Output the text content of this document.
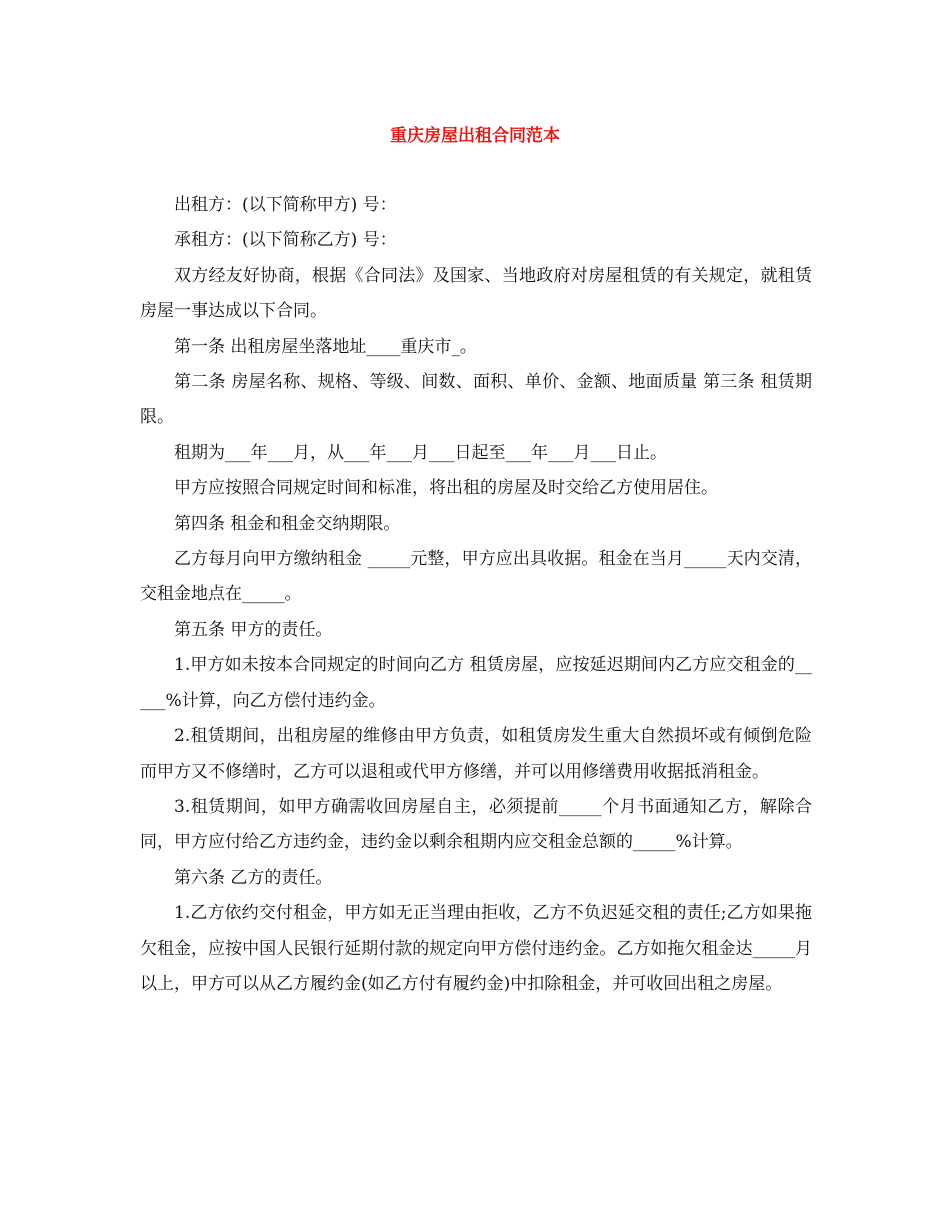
重庆房屋出租合同范本

出租方：(以下简称甲方) 号：

承租方：(以下简称乙方) 号：

双方经友好协商，根据《合同法》及国家、当地政府对房屋租赁的有关规定，就租赁房屋一事达成以下合同。

第一条 出租房屋坐落地址____重庆市_。

第二条 房屋名称、规格、等级、间数、面积、单价、金额、地面质量 第三条 租赁期限。

租期为___年___月，从___年___月___日起至___年___月___日止。

甲方应按照合同规定时间和标准，将出租的房屋及时交给乙方使用居住。

第四条 租金和租金交纳期限。

乙方每月向甲方缴纳租金 _____元整，甲方应出具收据。租金在当月_____天内交清，交租金地点在_____。

第五条 甲方的责任。

1.甲方如未按本合同规定的时间向乙方 租赁房屋，应按延迟期间内乙方应交租金的_____%计算，向乙方偿付违约金。

2.租赁期间，出租房屋的维修由甲方负责，如租赁房发生重大自然损坏或有倾倒危险而甲方又不修缮时，乙方可以退租或代甲方修缮，并可以用修缮费用收据抵消租金。

3.租赁期间，如甲方确需收回房屋自主，必须提前_____个月书面通知乙方，解除合同，甲方应付给乙方违约金，违约金以剩余租期内应交租金总额的_____%计算。

第六条 乙方的责任。

1.乙方依约交付租金，甲方如无正当理由拒收，乙方不负迟延交租的责任;乙方如果拖欠租金，应按中国人民银行延期付款的规定向甲方偿付违约金。乙方如拖欠租金达_____月以上，甲方可以从乙方履约金(如乙方付有履约金)中扣除租金，并可收回出租之房屋。
